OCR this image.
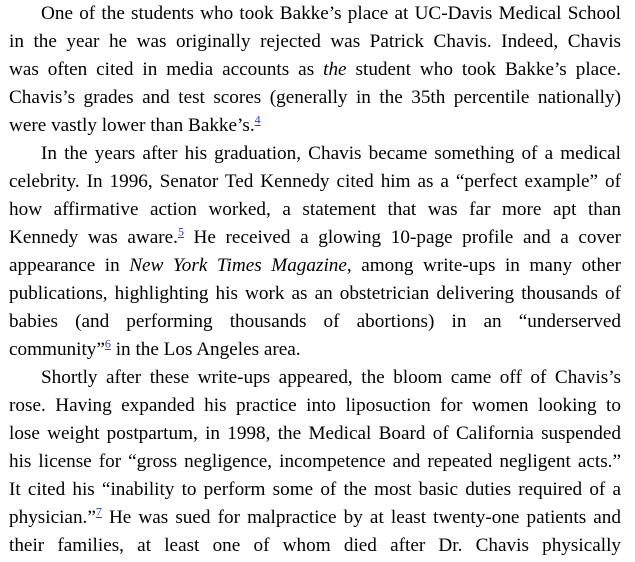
One of the students who took Bakke’s place at UC-Davis Medical School
in the year he was originally rejected was Patrick Chavis. Indeed, Chavis
was often cited in media accounts as the student who took Bakke’s place.
Chavis’s grades and test scores (generally in the 35th percentile nationally)
were vastly lower than Bakke’s.$^4$
In the years after his graduation, Chavis became something of a medical
celebrity. In 1996, Senator Ted Kennedy cited him as a “perfect example” of
how affirmative action worked, a statement that was far more apt than
Kennedy was aware.$^5$ He received a glowing 10-page profile and a cover
appearance in New York Times Magazine, among write-ups in many other
publications, highlighting his work as an obstetrician delivering thousands of
babies (and performing thousands of abortions) in an “underserved
community”$^6$ in the Los Angeles area.
Shortly after these write-ups appeared, the bloom came off of Chavis’s
rose. Having expanded his practice into liposuction for women looking to
lose weight postpartum, in 1998, the Medical Board of California suspended
his license for “gross negligence, incompetence and repeated negligent acts.”
It cited his “inability to perform some of the most basic duties required of a
physician.”$^7$ He was sued for malpractice by at least twenty-one patients and
their families, at least one of whom died after Dr. Chavis physically
